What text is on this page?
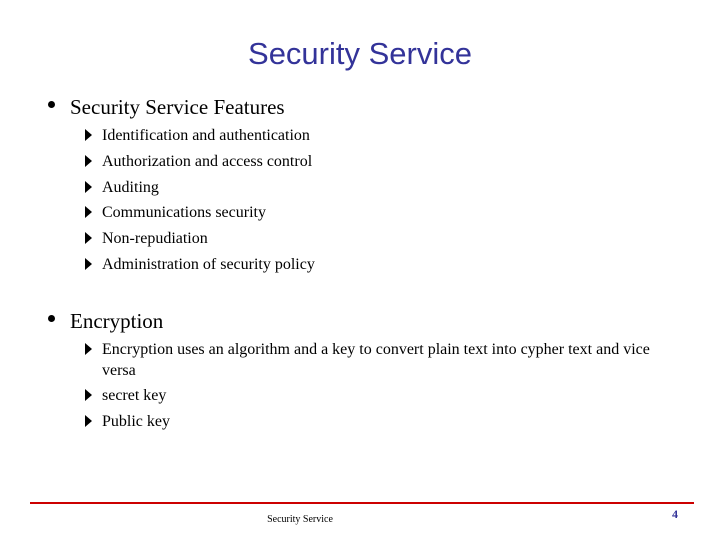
Security Service
Security Service Features
Identification and authentication
Authorization and access control
Auditing
Communications security
Non-repudiation
Administration of security policy
Encryption
Encryption uses an algorithm and a key to convert plain text into cypher text and vice versa
secret key
Public key
Security Service	4
